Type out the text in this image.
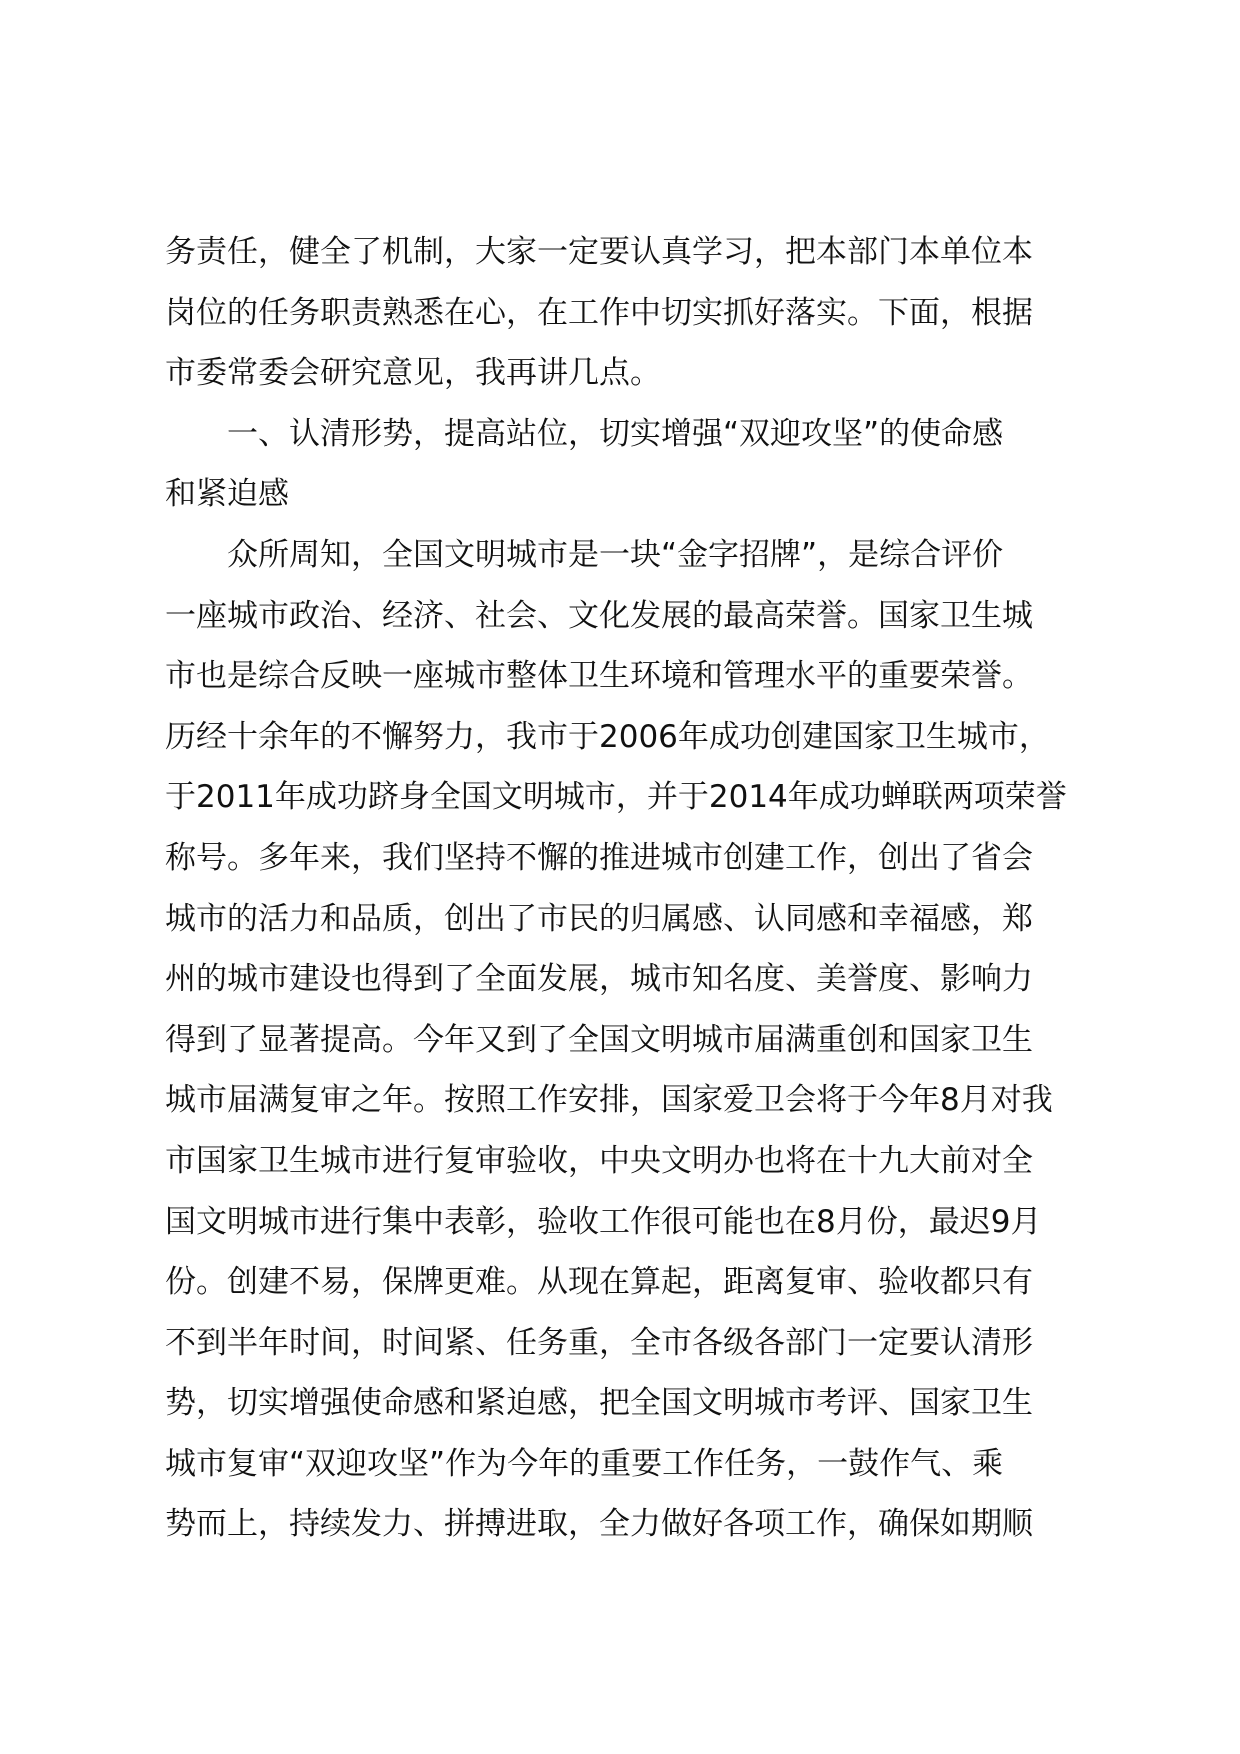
务责任，健全了机制，大家一定要认真学习，把本部门本单位本
岗位的任务职责熟悉在心，在工作中切实抓好落实。下面，根据
市委常委会研究意见，我再讲几点。
一、认清形势，提高站位，切实增强“双迎攻坚”的使命感
和紧迫感
众所周知，全国文明城市是一块“金字招牌”，是综合评价
一座城市政治、经济、社会、文化发展的最高荣誉。国家卫生城
市也是综合反映一座城市整体卫生环境和管理水平的重要荣誉。
历经十余年的不懈努力，我市于2006年成功创建国家卫生城市，
于2011年成功跻身全国文明城市，并于2014年成功蝉联两项荣誉
称号。多年来，我们坚持不懈的推进城市创建工作，创出了省会
城市的活力和品质，创出了市民的归属感、认同感和幸福感，郑
州的城市建设也得到了全面发展，城市知名度、美誉度、影响力
得到了显著提高。今年又到了全国文明城市届满重创和国家卫生
城市届满复审之年。按照工作安排，国家爱卫会将于今年8月对我
市国家卫生城市进行复审验收，中央文明办也将在十九大前对全
国文明城市进行集中表彰，验收工作很可能也在8月份，最迟9月
份。创建不易，保牌更难。从现在算起，距离复审、验收都只有
不到半年时间，时间紧、任务重，全市各级各部门一定要认清形
势，切实增强使命感和紧迫感，把全国文明城市考评、国家卫生
城市复审“双迎攻坚”作为今年的重要工作任务，一鼓作气、乘
势而上，持续发力、拼搏进取，全力做好各项工作，确保如期顺
